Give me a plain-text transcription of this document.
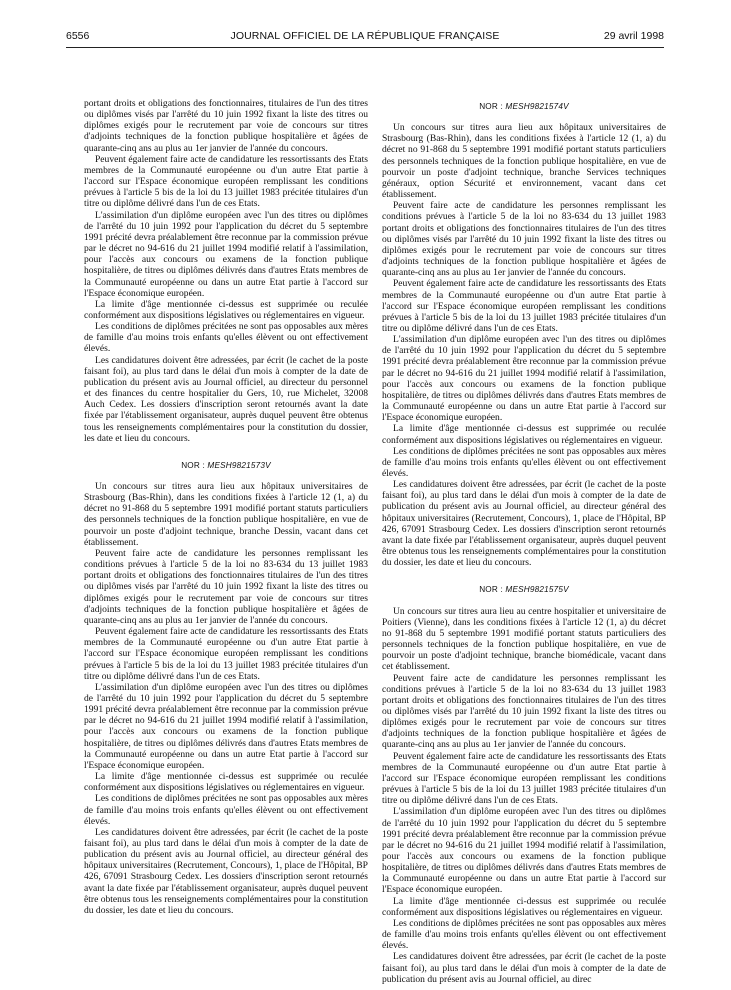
6556	JOURNAL OFFICIEL DE LA RÉPUBLIQUE FRANÇAISE	29 avril 1998

portant droits et obligations des fonctionnaires, titulaires de l'un des titres ou diplômes visés par l'arrêté du 10 juin 1992 fixant la liste des titres ou diplômes exigés pour le recrutement par voie de concours sur titres d'adjoints techniques de la fonction publique hospitalière et âgées de quarante-cinq ans au plus au 1er janvier de l'année du concours.

Peuvent également faire acte de candidature les ressortissants des Etats membres de la Communauté européenne ou d'un autre Etat partie à l'accord sur l'Espace économique européen remplissant les conditions prévues à l'article 5 bis de la loi du 13 juillet 1983 précitée titulaires d'un titre ou diplôme délivré dans l'un de ces Etats.

L'assimilation d'un diplôme européen avec l'un des titres ou diplômes de l'arrêté du 10 juin 1992 pour l'application du décret du 5 septembre 1991 précité devra préalablement être reconnue par la commission prévue par le décret no 94-616 du 21 juillet 1994 modifié relatif à l'assimilation, pour l'accès aux concours ou examens de la fonction publique hospitalière, de titres ou diplômes délivrés dans d'autres Etats membres de la Communauté européenne ou dans un autre Etat partie à l'accord sur l'Espace économique européen.

La limite d'âge mentionnée ci-dessus est supprimée ou reculée conformément aux dispositions législatives ou réglementaires en vigueur.

Les conditions de diplômes précitées ne sont pas opposables aux mères de famille d'au moins trois enfants qu'elles élèvent ou ont effectivement élevés.

Les candidatures doivent être adressées, par écrit (le cachet de la poste faisant foi), au plus tard dans le délai d'un mois à compter de la date de publication du présent avis au Journal officiel, au directeur du personnel et des finances du centre hospitalier du Gers, 10, rue Michelet, 32008 Auch Cedex. Les dossiers d'inscription seront retournés avant la date fixée par l'établissement organisateur, auprès duquel peuvent être obtenus tous les renseignements complémentaires pour la constitution du dossier, les date et lieu du concours.

NOR : MESH9821573V

Un concours sur titres aura lieu aux hôpitaux universitaires de Strasbourg (Bas-Rhin), dans les conditions fixées à l'article 12 (1, a) du décret no 91-868 du 5 septembre 1991 modifié portant statuts particuliers des personnels techniques de la fonction publique hospitalière, en vue de pourvoir un poste d'adjoint technique, branche Dessin, vacant dans cet établissement.

Peuvent faire acte de candidature les personnes remplissant les conditions prévues à l'article 5 de la loi no 83-634 du 13 juillet 1983 portant droits et obligations des fonctionnaires titulaires de l'un des titres ou diplômes visés par l'arrêté du 10 juin 1992 fixant la liste des titres ou diplômes exigés pour le recrutement par voie de concours sur titres d'adjoints techniques de la fonction publique hospitalière et âgées de quarante-cinq ans au plus au 1er janvier de l'année du concours.

Peuvent également faire acte de candidature les ressortissants des Etats membres de la Communauté européenne ou d'un autre Etat partie à l'accord sur l'Espace économique européen remplissant les conditions prévues à l'article 5 bis de la loi du 13 juillet 1983 précitée titulaires d'un titre ou diplôme délivré dans l'un de ces Etats.

L'assimilation d'un diplôme européen avec l'un des titres ou diplômes de l'arrêté du 10 juin 1992 pour l'application du décret du 5 septembre 1991 précité devra préalablement être reconnue par la commission prévue par le décret no 94-616 du 21 juillet 1994 modifié relatif à l'assimilation, pour l'accès aux concours ou examens de la fonction publique hospitalière, de titres ou diplômes délivrés dans d'autres Etats membres de la Communauté européenne ou dans un autre Etat partie à l'accord sur l'Espace économique européen.

La limite d'âge mentionnée ci-dessus est supprimée ou reculée conformément aux dispositions législatives ou réglementaires en vigueur.

Les conditions de diplômes précitées ne sont pas opposables aux mères de famille d'au moins trois enfants qu'elles élèvent ou ont effectivement élevés.

Les candidatures doivent être adressées, par écrit (le cachet de la poste faisant foi), au plus tard dans le délai d'un mois à compter de la date de publication du présent avis au Journal officiel, au directeur général des hôpitaux universitaires (Recrutement, Concours), 1, place de l'Hôpital, BP 426, 67091 Strasbourg Cedex. Les dossiers d'inscription seront retournés avant la date fixée par l'établissement organisateur, auprès duquel peuvent être obtenus tous les renseignements complémentaires pour la constitution du dossier, les date et lieu du concours.

NOR : MESH9821574V

Un concours sur titres aura lieu aux hôpitaux universitaires de Strasbourg (Bas-Rhin), dans les conditions fixées à l'article 12 (1, a) du décret no 91-868 du 5 septembre 1991 modifié portant statuts particuliers des personnels techniques de la fonction publique hospitalière, en vue de pourvoir un poste d'adjoint technique, branche Services techniques généraux, option Sécurité et environnement, vacant dans cet établissement.

Peuvent faire acte de candidature les personnes remplissant les conditions prévues à l'article 5 de la loi no 83-634 du 13 juillet 1983 portant droits et obligations des fonctionnaires titulaires de l'un des titres ou diplômes visés par l'arrêté du 10 juin 1992 fixant la liste des titres ou diplômes exigés pour le recrutement par voie de concours sur titres d'adjoints techniques de la fonction publique hospitalière et âgées de quarante-cinq ans au plus au 1er janvier de l'année du concours.

Peuvent également faire acte de candidature les ressortissants des Etats membres de la Communauté européenne ou d'un autre Etat partie à l'accord sur l'Espace économique européen remplissant les conditions prévues à l'article 5 bis de la loi du 13 juillet 1983 précitée titulaires d'un titre ou diplôme délivré dans l'un de ces Etats.

L'assimilation d'un diplôme européen avec l'un des titres ou diplômes de l'arrêté du 10 juin 1992 pour l'application du décret du 5 septembre 1991 précité devra préalablement être reconnue par la commission prévue par le décret no 94-616 du 21 juillet 1994 modifié relatif à l'assimilation, pour l'accès aux concours ou examens de la fonction publique hospitalière, de titres ou diplômes délivrés dans d'autres Etats membres de la Communauté européenne ou dans un autre Etat partie à l'accord sur l'Espace économique européen.

La limite d'âge mentionnée ci-dessus est supprimée ou reculée conformément aux dispositions législatives ou réglementaires en vigueur.

Les conditions de diplômes précitées ne sont pas opposables aux mères de famille d'au moins trois enfants qu'elles élèvent ou ont effectivement élevés.

Les candidatures doivent être adressées, par écrit (le cachet de la poste faisant foi), au plus tard dans le délai d'un mois à compter de la date de publication du présent avis au Journal officiel, au directeur général des hôpitaux universitaires (Recrutement, Concours), 1, place de l'Hôpital, BP 426, 67091 Strasbourg Cedex. Les dossiers d'inscription seront retournés avant la date fixée par l'établissement organisateur, auprès duquel peuvent être obtenus tous les renseignements complémentaires pour la constitution du dossier, les date et lieu du concours.

NOR : MESH9821575V

Un concours sur titres aura lieu au centre hospitalier et universitaire de Poitiers (Vienne), dans les conditions fixées à l'article 12 (1, a) du décret no 91-868 du 5 septembre 1991 modifié portant statuts particuliers des personnels techniques de la fonction publique hospitalière, en vue de pourvoir un poste d'adjoint technique, branche biomédicale, vacant dans cet établissement.

Peuvent faire acte de candidature les personnes remplissant les conditions prévues à l'article 5 de la loi no 83-634 du 13 juillet 1983 portant droits et obligations des fonctionnaires titulaires de l'un des titres ou diplômes visés par l'arrêté du 10 juin 1992 fixant la liste des titres ou diplômes exigés pour le recrutement par voie de concours sur titres d'adjoints techniques de la fonction publique hospitalière et âgées de quarante-cinq ans au plus au 1er janvier de l'année du concours.

Peuvent également faire acte de candidature les ressortissants des Etats membres de la Communauté européenne ou d'un autre Etat partie à l'accord sur l'Espace économique européen remplissant les conditions prévues à l'article 5 bis de la loi du 13 juillet 1983 précitée titulaires d'un titre ou diplôme délivré dans l'un de ces Etats.

L'assimilation d'un diplôme européen avec l'un des titres ou diplômes de l'arrêté du 10 juin 1992 pour l'application du décret du 5 septembre 1991 précité devra préalablement être reconnue par la commission prévue par le décret no 94-616 du 21 juillet 1994 modifié relatif à l'assimilation, pour l'accès aux concours ou examens de la fonction publique hospitalière, de titres ou diplômes délivrés dans d'autres Etats membres de la Communauté européenne ou dans un autre Etat partie à l'accord sur l'Espace économique européen.

La limite d'âge mentionnée ci-dessus est supprimée ou reculée conformément aux dispositions législatives ou réglementaires en vigueur.

Les conditions de diplômes précitées ne sont pas opposables aux mères de famille d'au moins trois enfants qu'elles élèvent ou ont effectivement élevés.

Les candidatures doivent être adressées, par écrit (le cachet de la poste faisant foi), au plus tard dans le délai d'un mois à compter de la date de publication du présent avis au Journal officiel, au direc
